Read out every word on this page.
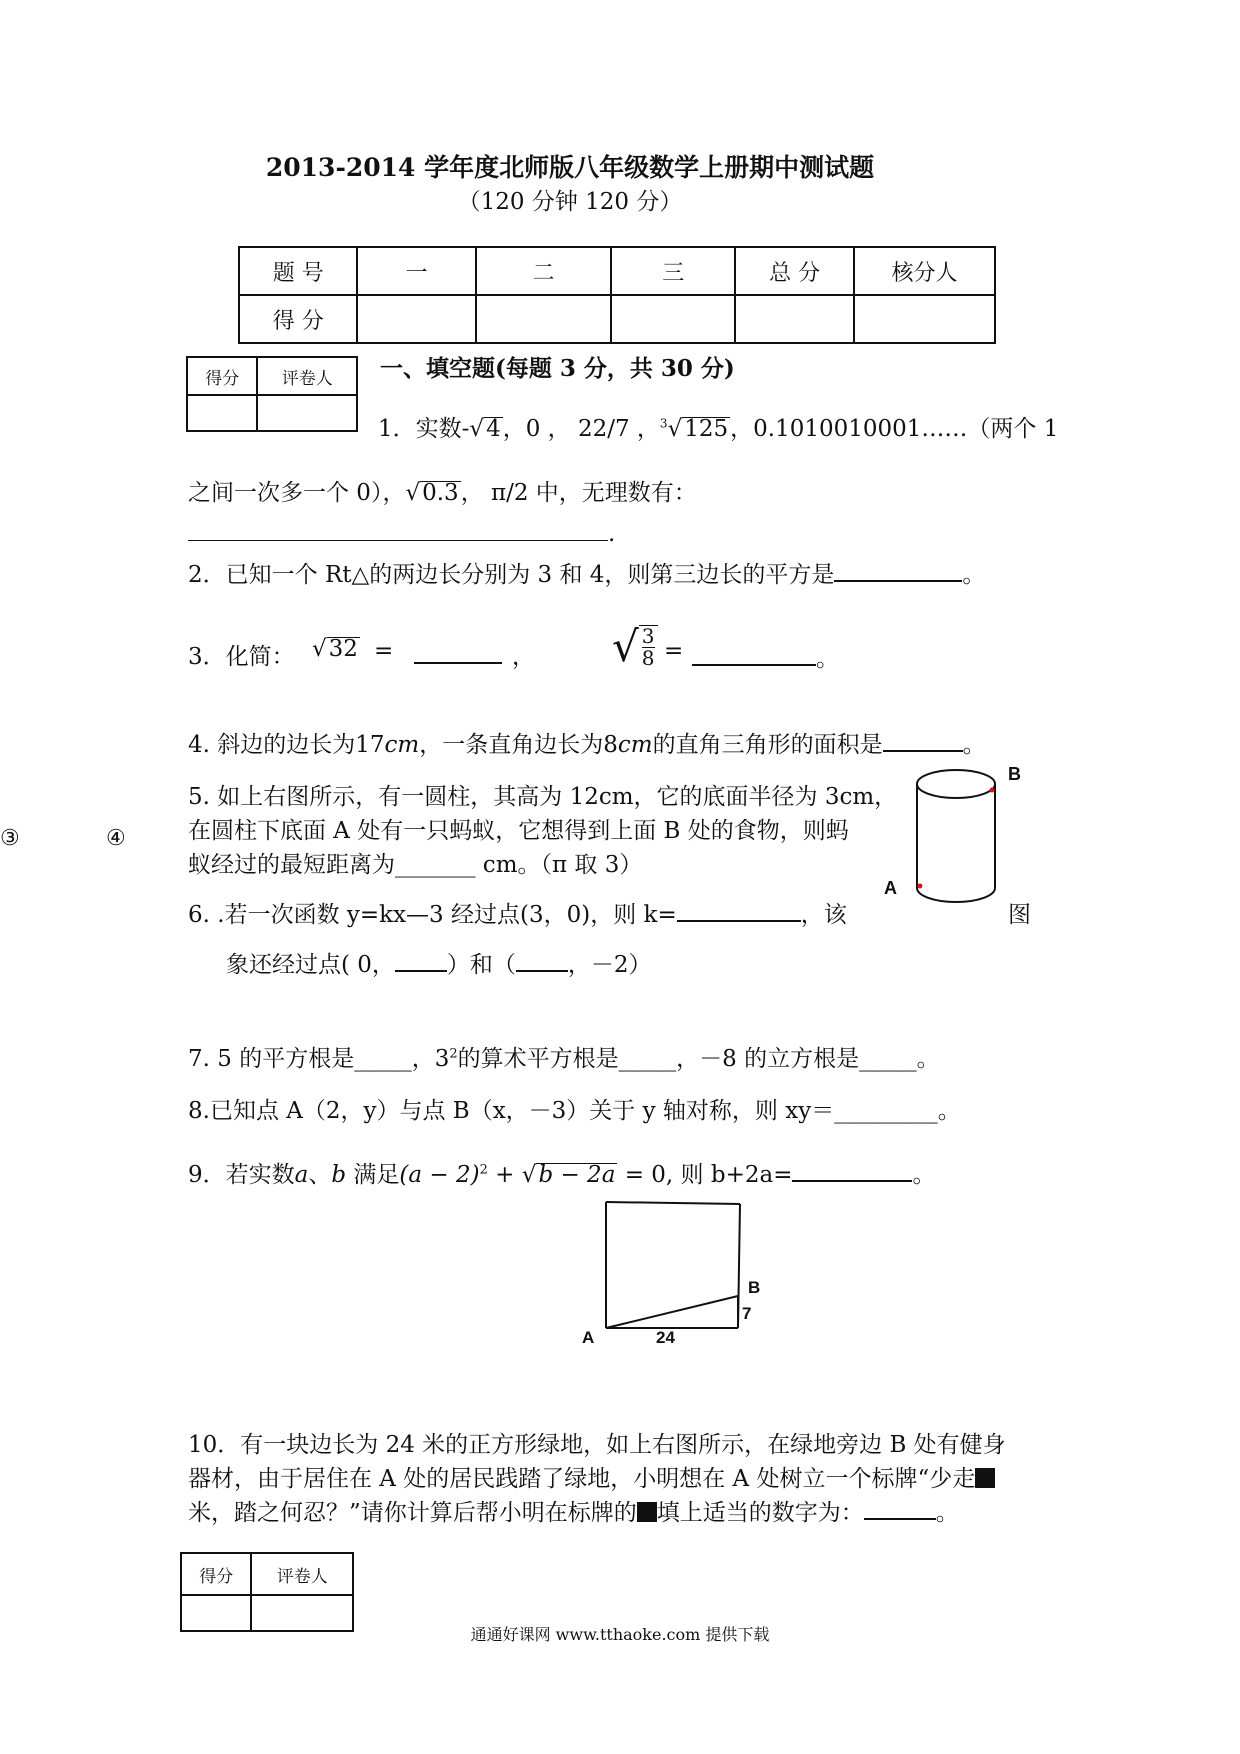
2013-2014 学年度北师版八年级数学上册期中测试题
（120 分钟 120 分）
题 号	一	二	三	总 分	核分人
得 分					
得分	评卷人
	一、填空题(每题 3 分，共 30 分)
1．实数-√4，0 ， 22/7 ，$^3$√125，0.1010010001……（两个 1
之间一次多一个 0），√0.3， π/2 中，无理数有：
.
2．已知一个 Rt△的两边长分别为 3 和 4，则第三边长的平方是	。
3．化简： √32 =	， √ $\frac{3}{8}$ =	。
4. 斜边的边长为17cm，一条直角边长为8cm的直角三角形的面积是	。
5. 如上右图所示，有一圆柱，其高为 12cm，它的底面半径为 3cm，
在圆柱下底面 A 处有一只蚂蚁，它想得到上面 B 处的食物，则蚂
蚁经过的最短距离为_______ cm。（π 取 3）
③	④
B
A
6. .若一次函数 y=kx—3 经过点(3，0)，则 k=	，该	图
象还经过点( 0， ）和（ ，－2）
7. 5 的平方根是_____，$3^2$的算术平方根是_____，－8 的立方根是_____。
8.已知点 A（2，y）与点 B（x，－3）关于 y 轴对称，则 xy＝_________。
9．若实数a、b 满足$(a - 2)^2 + √b - 2a = 0$, 则 b+2a=	。
B
7
A	24
10．有一块边长为 24 米的正方形绿地，如上右图所示，在绿地旁边 B 处有健身
器材，由于居住在 A 处的居民践踏了绿地，小明想在 A 处树立一个标牌“少走
米，踏之何忍？”请你计算后帮小明在标牌的 填上适当的数字为：	。
得分	评卷人

通通好课网 www.tthaoke.com 提供下载
